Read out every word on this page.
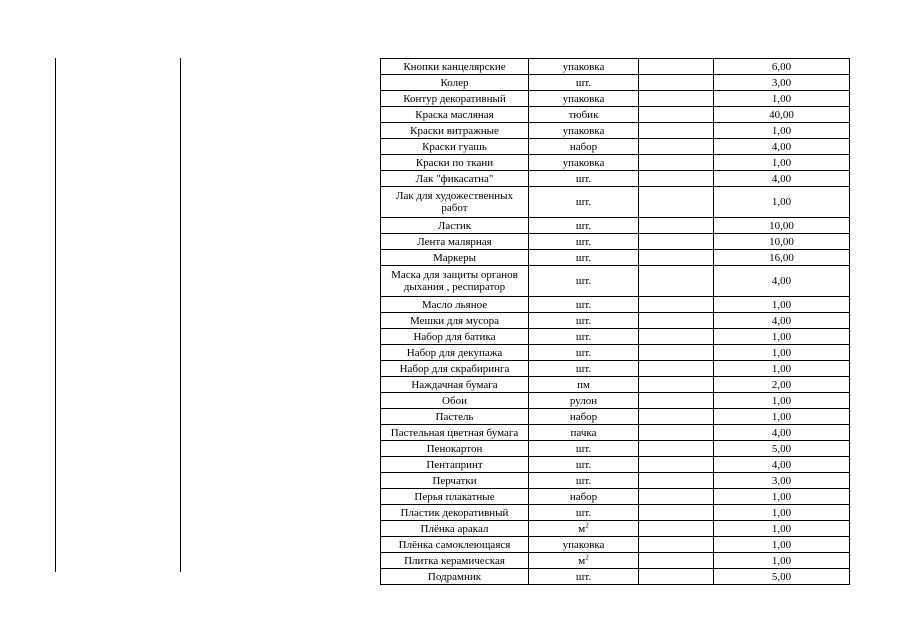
Кнопки канцелярские	упаковка		6,00
Колер	шт.		3,00
Контур декоративный	упаковка		1,00
Краска масляная	тюбик		40,00
Краски витражные	упаковка		1,00
Краски гуашь	набор		4,00
Краски по ткани	упаковка		1,00
Лак "фикасатна"	шт.		4,00
Лак для художественных работ	шт.		1,00
Ластик	шт.		10,00
Лента малярная	шт.		10,00
Маркеры	шт.		16,00
Маска для защиты органов дыхания , респиратор	шт.		4,00
Масло льяное	шт.		1,00
Мешки для мусора	шт.		4,00
Набор для батика	шт.		1,00
Набор для декупажа	шт.		1,00
Набор для скрабиринга	шт.		1,00
Наждачная бумага	пм		2,00
Обои	рулон		1,00
Пастель	набор		1,00
Пастельная цветная бумага	пачка		4,00
Пенокартон	шт.		5,00
Пентапринт	шт.		4,00
Перчатки	шт.		3,00
Перья плакатные	набор		1,00
Пластик декоративный	шт.		1,00
Плёнка аракал	$м^2$		1,00
Плёнка самоклеющаяся	упаковка		1,00
Плитка керамическая	$м^2$		1,00
Подрамник	шт.		5,00
